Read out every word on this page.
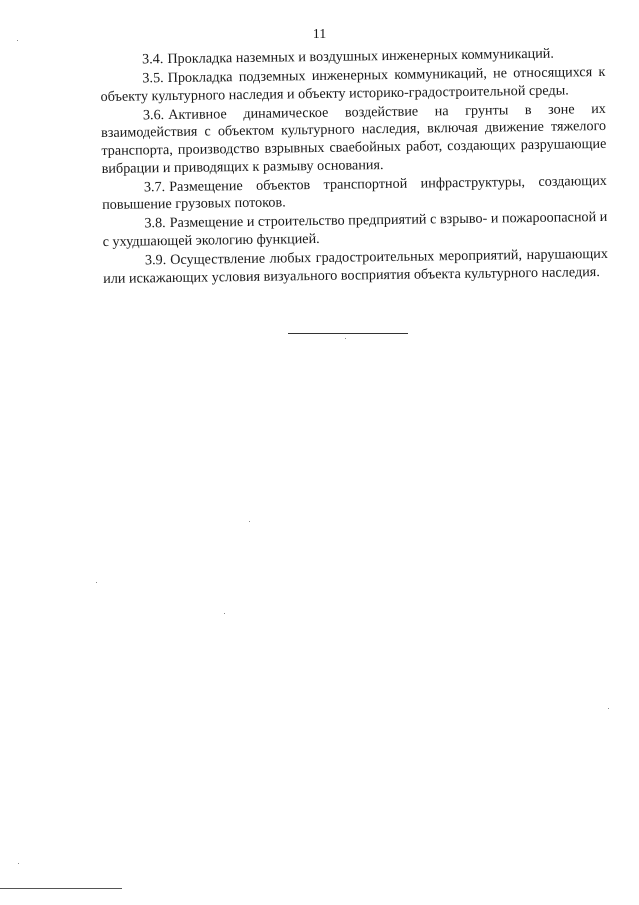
11

3.4. Прокладка наземных и воздушных инженерных коммуникаций.

3.5. Прокладка подземных инженерных коммуникаций, не относящихся к объекту культурного наследия и объекту историко-градостроительной среды.

3.6. Активное динамическое воздействие на грунты в зоне их взаимодействия с объектом культурного наследия, включая движение тяжелого транспорта, производство взрывных сваебойных работ, создающих разрушающие вибрации и приводящих к размыву основания.

3.7. Размещение объектов транспортной инфраструктуры, создающих повышение грузовых потоков.

3.8. Размещение и строительство предприятий с взрыво- и пожароопасной и с ухудшающей экологию функцией.

3.9. Осуществление любых градостроительных мероприятий, нарушающих или искажающих условия визуального восприятия объекта культурного наследия.
